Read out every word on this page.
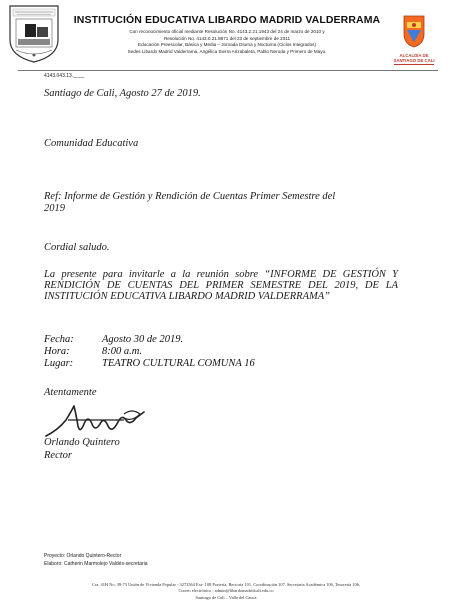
INSTITUCIÓN EDUCATIVA LIBARDO MADRID VALDERRAMA
Con reconocimiento oficial mediante Resolución No. 4143.2.21.1943 del 24 de marzo de 2010 y
Resolución No. 4143.0.21.8871 del 23 de septiembre de 2011
Educación Preescolar, Básica y Media – Jornada Diurna y Nocturna (Ciclos Integrados)
Sedes Libardo Madrid Valderrama, Angélica Sierra Arizabaleta, Pablo Neruda y Primero de Mayo.
ALCALDÍA DE
SANTIAGO DE CALI
4143.043.13.____
Santiago de Cali, Agosto 27 de 2019.
Comunidad Educativa
Ref: Informe de Gestión y Rendición de Cuentas Primer Semestre del
2019
Cordial saludo.
La presente para invitarle a la reunión sobre “INFORME DE GESTIÓN Y RENDICIÓN DE CUENTAS DEL PRIMER SEMESTRE DEL 2019, DE LA INSTITUCIÓN EDUCATIVA LIBARDO MADRID VALDERRAMA”
Fecha:	Agosto 30 de 2019.
Hora:	8:00 a.m.
Lugar:	TEATRO CULTURAL COMUNA 16
Atentamente
Orlando Quintero
Rector
Proyecto: Orlando Quintero-Rector
Elaboro: Catherin Marmolejo Valdés-secretaria
Cra. 41H No. 39-73 Unión de Vivienda Popular - 3273564 Ext- 108 Portería, Rectoría 101, Coordinación 107, Secretaria Académica 106, Tesorería 106,
Correo electrónico : admin@libardomadridcali.edu.co
Santiago de Cali – Valle del Cauca
